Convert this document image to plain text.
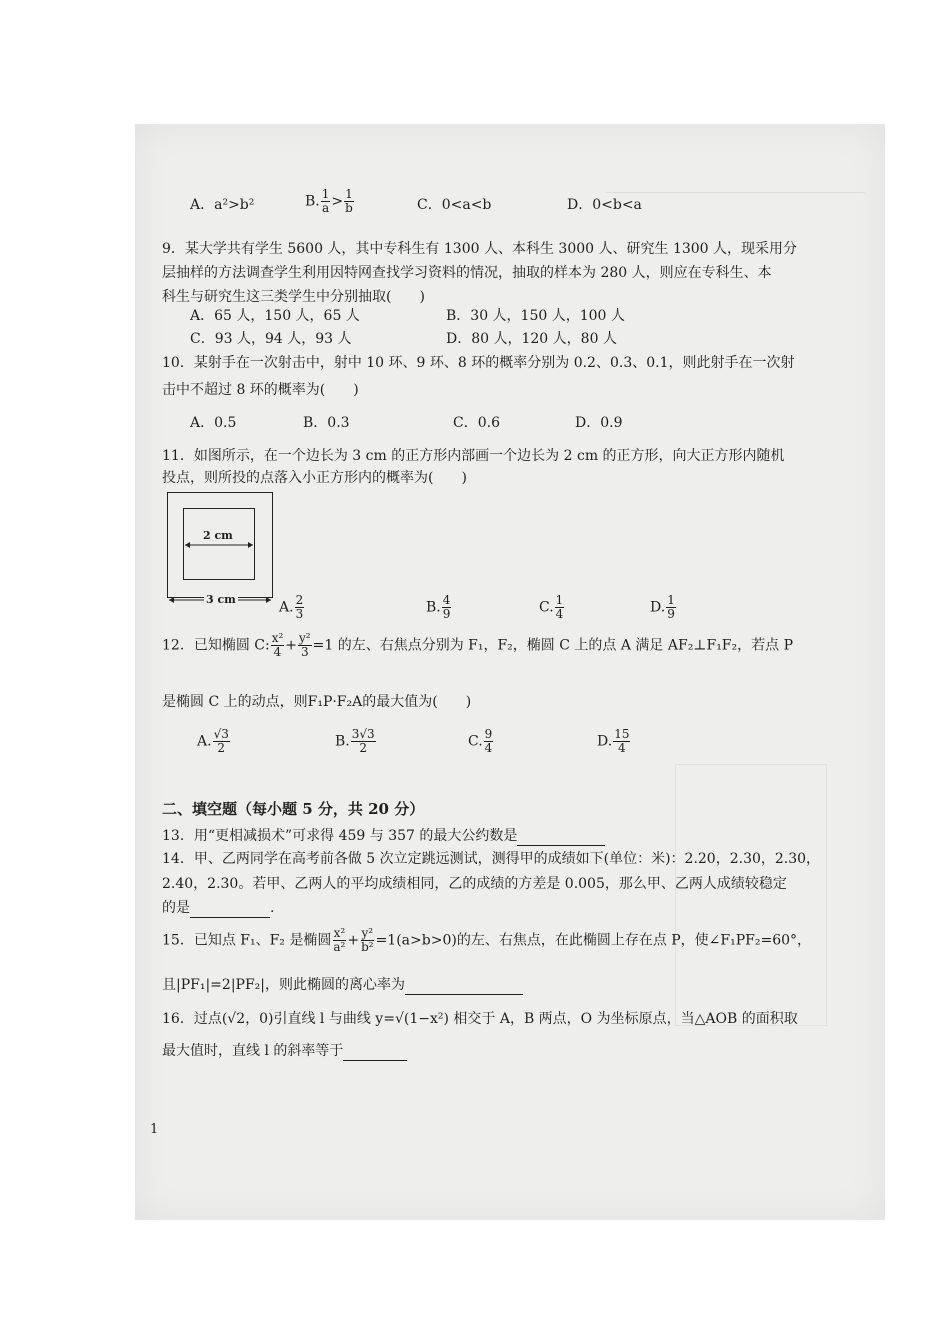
A．a²>b²	B. $\frac{1}{a} > \frac{1}{b}$	C．0<a<b	D．0<b<a
9．某大学共有学生 5600 人，其中专科生有 1300 人、本科生 3000 人、研究生 1300 人，现采用分
层抽样的方法调查学生利用因特网查找学习资料的情况，抽取的样本为 280 人，则应在专科生、本
科生与研究生这三类学生中分别抽取(　　)
A．65 人，150 人，65 人	B．30 人，150 人，100 人
C．93 人，94 人，93 人	D．80 人，120 人，80 人
10．某射手在一次射击中，射中 10 环、9 环、8 环的概率分别为 0.2、0.3、0.1，则此射手在一次射
击中不超过 8 环的概率为(　　)
A．0.5	B．0.3	C．0.6	D．0.9
11．如图所示，在一个边长为 3 cm 的正方形内部画一个边长为 2 cm 的正方形，向大正方形内随机
投点，则所投的点落入小正方形内的概率为(　　)
2 cm
3 cm	A. $\frac{2}{3}$	B. $\frac{4}{9}$	C. $\frac{1}{4}$	D. $\frac{1}{9}$
12．已知椭圆 C: $\frac{\text{x²}}{4} + \frac{\text{y²}}{3} =1$ 的左、右焦点分别为 F₁，F₂，椭圆 C 上的点 A 满足 AF₂⊥F₁F₂，若点 P
是椭圆 C 上的动点，则F₁P·F₂A的最大值为(　　)
A. $\frac{√3}{2}$	B. $\frac{3√3}{2}$	C. $\frac{9}{4}$	D. $\frac{15}{4}$
二、填空题（每小题 5 分，共 20 分）
13．用“更相减损术”可求得 459 与 357 的最大公约数是
14．甲、乙两同学在高考前各做 5 次立定跳远测试，测得甲的成绩如下(单位：米)：2.20，2.30，2.30，
2.40，2.30。若甲、乙两人的平均成绩相同，乙的成绩的方差是 0.005，那么甲、乙两人成绩较稳定
的是	.
15．已知点 F₁、F₂ 是椭圆 $\frac{\text{x²}}{\text{a²}} + \frac{\text{y²}}{\text{b²}} =1(a>b>0)$的左、右焦点，在此椭圆上存在点 P，使∠F₁PF₂=60°，
且|PF₁|=2|PF₂|，则此椭圆的离心率为
16．过点(√2，0)引直线 l 与曲线 y=√(1−x²) 相交于 A，B 两点，O 为坐标原点，当△AOB 的面积取
最大值时，直线 l 的斜率等于
1
